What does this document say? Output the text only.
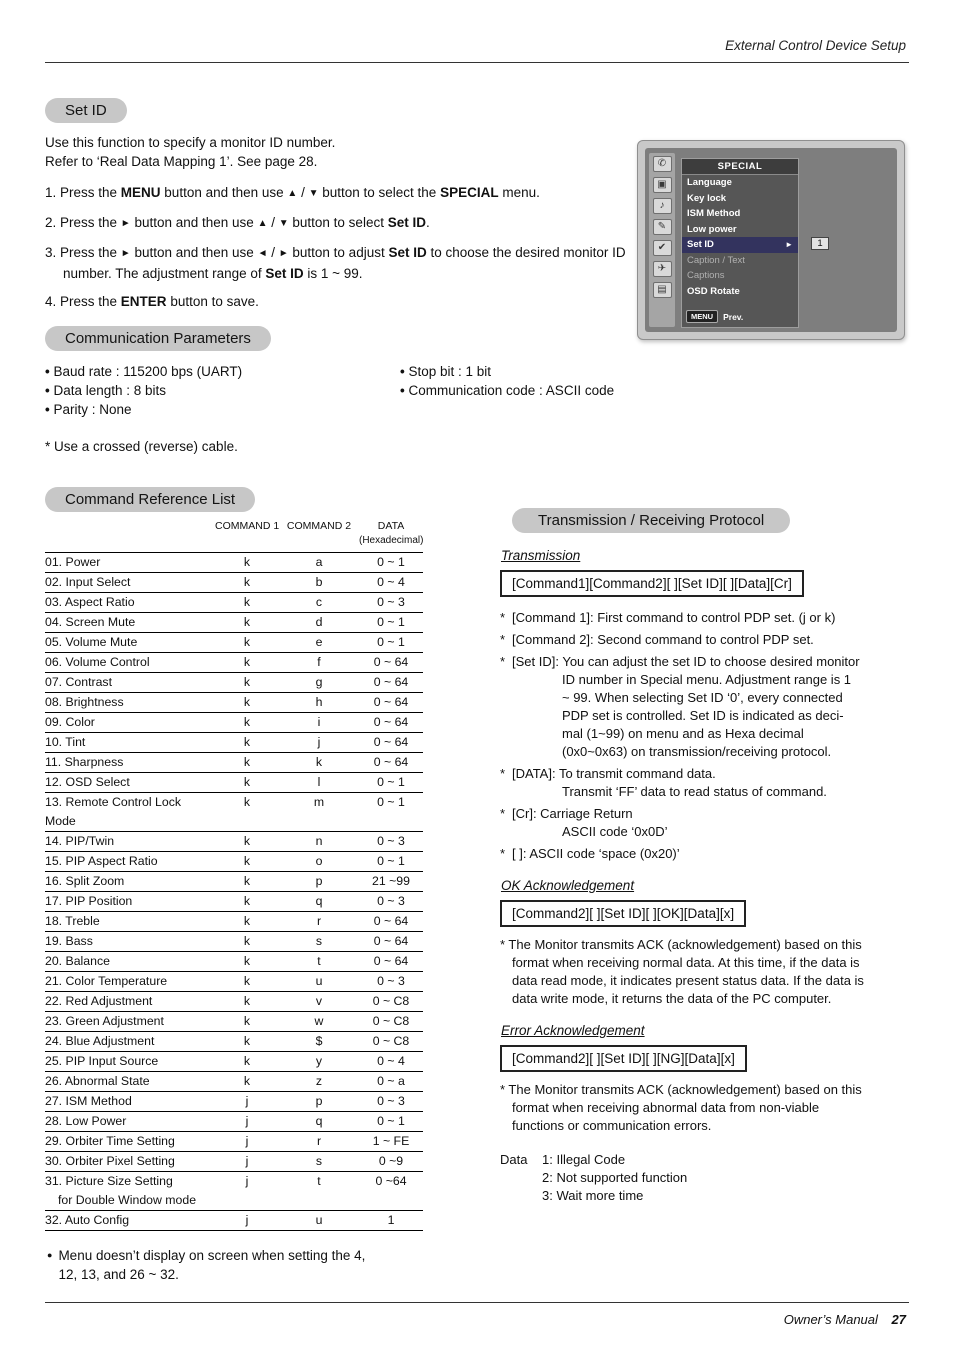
External Control Device Setup
Set ID
Use this function to specify a monitor ID number.
Refer to ‘Real Data Mapping 1’. See page 28.
1. Press the MENU button and then use ▲ / ▼ button to select the SPECIAL menu.
2. Press the ► button and then use ▲ / ▼ button to select Set ID.
3. Press the ► button and then use ◄ / ► button to adjust Set ID to choose the desired monitor ID number. The adjustment range of Set ID is 1 ~ 99.
4. Press the ENTER button to save.
✆
▣
♪
✎
✔
✈
▤
SPECIAL
Language
Key lock
ISM Method
Low power
Set ID	►
Caption / Text
Captions
OSD Rotate
MENU	Prev.
1
Communication Parameters
• Baud rate : 115200 bps (UART)
• Data length : 8 bits
• Parity : None
• Stop bit : 1 bit
• Communication code : ASCII code
* Use a crossed (reverse) cable.
Command Reference List
COMMAND 1 COMMAND 2	DATA
(Hexadecimal)
01. Power	k	a	0 ~ 1
02. Input Select	k	b	0 ~ 4
03. Aspect Ratio	k	c	0 ~ 3
04. Screen Mute	k	d	0 ~ 1
05. Volume Mute	k	e	0 ~ 1
06. Volume Control	k	f	0 ~ 64
07. Contrast	k	g	0 ~ 64
08. Brightness	k	h	0 ~ 64
09. Color	k	i	0 ~ 64
10. Tint	k	j	0 ~ 64
11. Sharpness	k	k	0 ~ 64
12. OSD Select	k	l	0 ~ 1
13. Remote Control Lock Mode
k	m	0 ~ 1
14. PIP/Twin	k	n	0 ~ 3
15. PIP Aspect Ratio	k	o	0 ~ 1
16. Split Zoom	k	p	21 ~99
17. PIP Position	k	q	0 ~ 3
18. Treble	k	r	0 ~ 64
19. Bass	k	s	0 ~ 64
20. Balance	k	t	0 ~ 64
21. Color Temperature	k	u	0 ~ 3
22. Red Adjustment	k	v	0 ~ C8
23. Green Adjustment	k	w	0 ~ C8
24. Blue Adjustment	k	$	0 ~ C8
25. PIP Input Source	k	y	0 ~ 4
26. Abnormal State	k	z	0 ~ a
27. ISM Method	j	p	0 ~ 3
28. Low Power	j	q	0 ~ 1
29. Orbiter Time Setting	j	r	1 ~ FE
30. Orbiter Pixel Setting	j	s	0 ~9
31. Picture Size Setting
for Double Window mode
j	t	0 ~64
32. Auto Config	j	u	1
● Menu doesn’t display on screen when setting the 4,
12, 13, and 26 ~ 32.
Transmission / Receiving Protocol
Transmission
[Command1][Command2][ ][Set ID][ ][Data][Cr]
* [Command 1]: First command to control PDP set. (j or k)
* [Command 2]: Second command to control PDP set.
* [Set ID]: You can adjust the set ID to choose desired monitor
ID number in Special menu. Adjustment range is 1
~ 99. When selecting Set ID ‘0’, every connected
PDP set is controlled. Set ID is indicated as deci-
mal (1~99) on menu and as Hexa decimal
(0x0~0x63) on transmission/receiving protocol.
* [DATA]: To transmit command data.
Transmit ‘FF’ data to read status of command.
* [Cr]: Carriage Return
ASCII code ‘0x0D’
* [ ]: ASCII code ‘space (0x20)’
OK Acknowledgement
[Command2][ ][Set ID][ ][OK][Data][x]
* The Monitor transmits ACK (acknowledgement) based on this format when receiving normal data. At this time, if the data is data read mode, it indicates present status data. If the data is data write mode, it returns the data of the PC computer.
Error Acknowledgement
[Command2][ ][Set ID][ ][NG][Data][x]
* The Monitor transmits ACK (acknowledgement) based on this format when receiving abnormal data from non-viable functions or communication errors.
Data	1: Illegal Code
2: Not supported function
3: Wait more time
Owner’s Manual 27
